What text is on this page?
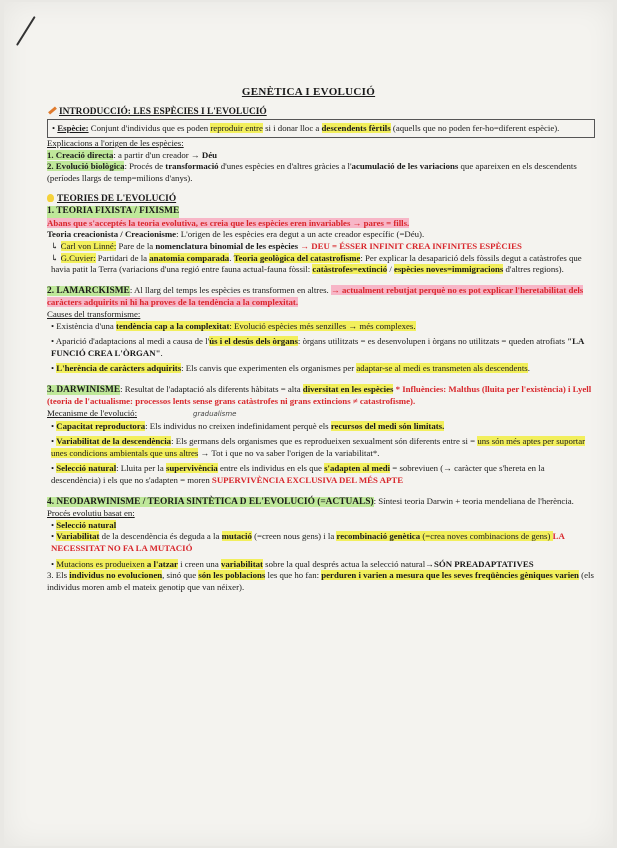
GENÈTICA I EVOLUCIÓ

INTRODUCCIÓ: LES ESPÈCIES I L'EVOLUCIÓ

• Espècie: Conjunt d'individus que es poden reproduir entre si i donar lloc a descendents fèrtils (aquells que no poden fer-ho=diferent espècie).

Explicacions a l'origen de les espècies:

1. Creació directa: a partir d'un creador → Déu

2. Evolució biològica: Procés de transformació d'unes espècies en d'altres gràcies a l'acumulació de les variacions que apareixen en els descendents (períodes llargs de temp=milions d'anys).

TEORIES DE L'EVOLUCIÓ

1. TEORIA FIXISTA / FIXISME

Abans que s'acceptés la teoria evolutiva, es creia que les espècies eren invariables → pares = fills.

Teoria creacionista / Creacionisme: L'origen de les espècies era degut a un acte creador específic (=Déu).

↳ Carl von Linné: Pare de la nomenclatura binomial de les espècies → DEU = ÉSSER INFINIT CREA INFINITES ESPÈCIES

↳ G.Cuvier: Partidari de la anatomia comparada. Teoria geològica del catastrofisme: Per explicar la desaparició dels fòssils degut a catàstrofes que havia patit la Terra (variacions d'una regió entre fauna actual-fauna fòssil: catàstrofes=extinció / espècies noves=immigracions d'altres regions).

2. LAMARCKISME: Al llarg del temps les espècies es transformen en altres. → actualment rebutjat perquè no es pot explicar l'heretabilitat dels caràcters adquirits ni hi ha proves de la tendència a la complexitat.

Causes del transformisme:

• Existència d'una tendència cap a la complexitat: Evolució espècies més senzilles → més complexes.

• Aparició d'adaptacions al medi a causa de l'ús i el desús dels òrgans: òrgans utilitzats = es desenvolupen i òrgans no utilitzats = queden atrofiats "LA FUNCIÓ CREA L'ÒRGAN".

• L'herència de caràcters adquirits: Els canvis que experimenten els organismes per adaptar-se al medi es transmeten als descendents.

3. DARWINISME: Resultat de l'adaptació als diferents hàbitats = alta diversitat en les espècies * Influències: Malthus (lluita per l'existència) i Lyell (teoria de l'actualisme: processos lents sense grans catàstrofes ni grans extincions ≠ catastrofisme).

Mecanisme de l'evolució:	gradualisme

• Capacitat reproductora: Els individus no creixen indefinidament perquè els recursos del medi són limitats.

• Variabilitat de la descendència: Els germans dels organismes que es reprodueixen sexualment són diferents entre si = uns són més aptes per suportar unes condicions ambientals que uns altres → Tot i que no va saber l'origen de la variabilitat*.

• Selecció natural: Lluita per la supervivència entre els individus en els que s'adapten al medi = sobreviuen (→ caràcter que s'hereta en la descendència) i els que no s'adapten = moren SUPERVIVÈNCIA EXCLUSIVA DEL MÉS APTE

4. NEODARWINISME / TEORIA SINTÈTICA D EL'EVOLUCIÓ (=ACTUALS): Síntesi teoria Darwin + teoria mendeliana de l'herència.

Procés evolutiu basat en:

• Selecció natural

• Variabilitat de la descendència és deguda a la mutació (=creen nous gens) i la recombinació genètica (=crea noves combinacions de gens) LA NECESSITAT NO FA LA MUTACIÓ

• Mutacions es produeixen a l'atzar i creen una variabilitat sobre la qual després actua la selecció natural→SÓN PREADAPTATIVES

3. Els individus no evolucionen, sinó que són les poblacions les que ho fan: perduren i varien a mesura que les seves freqüències gèniques varien (els individus moren amb el mateix genotip que van néixer).
